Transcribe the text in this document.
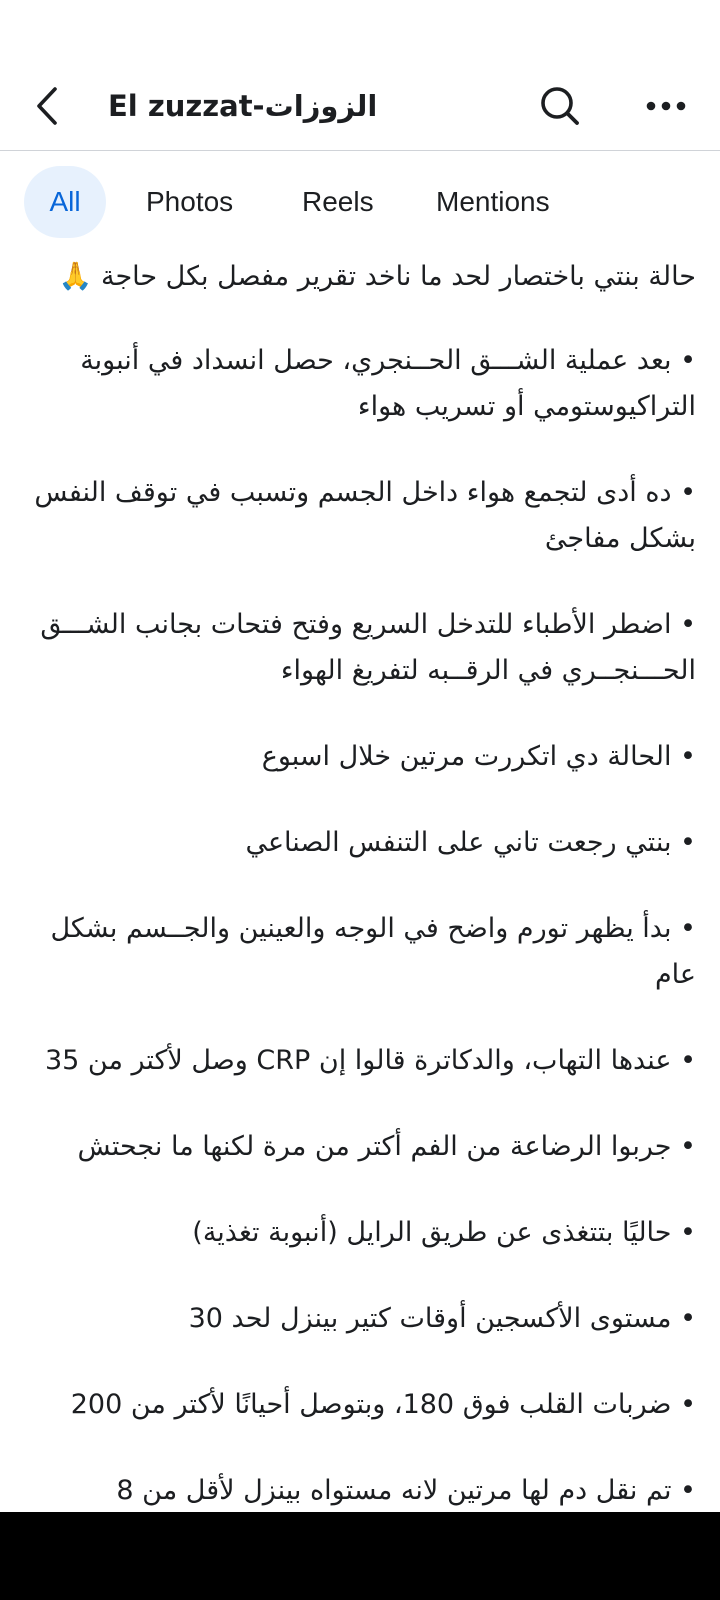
El zuzzat-الزوزات
All	Photos Reels Mentions

حالة بنتي باختصار لحد ما ناخد تقرير مفصل بكل حاجة 🙏

• بعد عملية الشـــق الحــنجري، حصل انسداد في أنبوبة التراكيوستومي أو تسريب هواء

• ده أدى لتجمع هواء داخل الجسم وتسبب في توقف النفس بشكل مفاجئ

• اضطر الأطباء للتدخل السريع وفتح فتحات بجانب الشـــق الحـــنجــري في الرقــبه لتفريغ الهواء

• الحالة دي اتكررت مرتين خلال اسبوع

• بنتي رجعت تاني على التنفس الصناعي

• بدأ يظهر تورم واضح في الوجه والعينين والجــسم بشكل عام

• عندها التهاب، والدكاترة قالوا إن CRP وصل لأكتر من 35

• جربوا الرضاعة من الفم أكتر من مرة لكنها ما نجحتش

• حاليًا بتتغذى عن طريق الرايل (أنبوبة تغذية)

• مستوى الأكسجين أوقات كتير بينزل لحد 30

• ضربات القلب فوق 180، وبتوصل أحيانًا لأكتر من 200

• تم نقل دم لها مرتين لانه مستواه بينزل لأقل من 8
